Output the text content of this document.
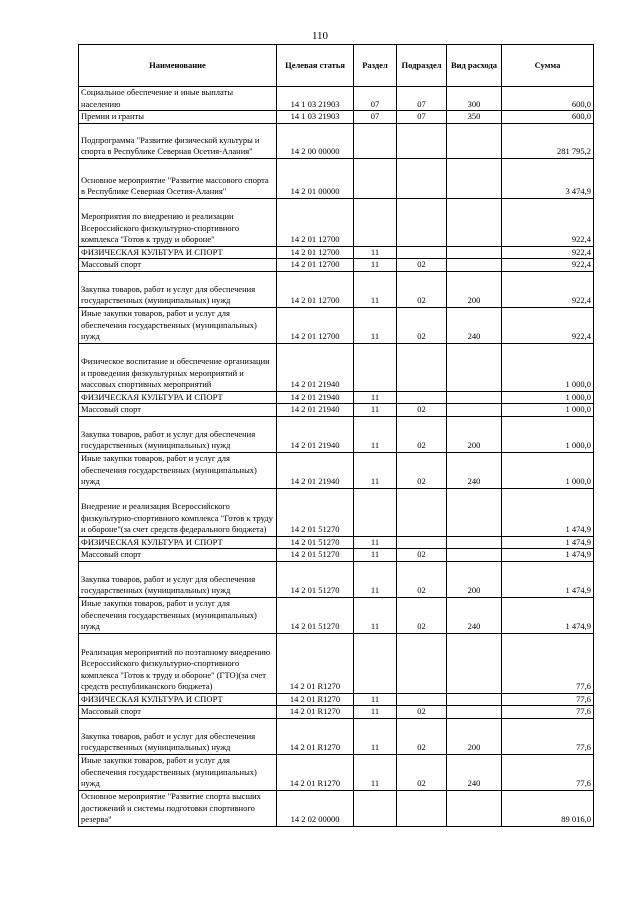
110
Наименование	Целевая статья	Раздел	Подраздел	Вид расхода	Сумма
Социальное обеспечение и иные выплаты населению	14 1 03 21903	07	07	300	600,0
Премии и гранты	14 1 03 21903	07	07	350	600,0
Подпрограмма "Развитие физической культуры и спорта в Республике Северная Осетия-Алания"	14 2 00 00000				281 795,2
Основное мероприятие "Развитие массового спорта в Республике Северная Осетия-Алания"	14 2 01 00000				3 474,9
Мероприятия по внедрению и реализации Всероссийского физкультурно-спортивного комплекса "Готов к труду и обороне"	14 2 01 12700				922,4
ФИЗИЧЕСКАЯ КУЛЬТУРА И СПОРТ	14 2 01 12700	11			922,4
Массовый спорт	14 2 01 12700	11	02		922,4
Закупка товаров, работ и услуг для обеспечения государственных (муниципальных) нужд	14 2 01 12700	11	02	200	922,4
Иные закупки товаров, работ и услуг для обеспечения государственных (муниципальных) нужд	14 2 01 12700	11	02	240	922,4
Физическое воспитание и обеспечение организации и проведения физкультурных мероприятий и массовых спортивных мероприятий	14 2 01 21940				1 000,0
ФИЗИЧЕСКАЯ КУЛЬТУРА И СПОРТ	14 2 01 21940	11			1 000,0
Массовый спорт	14 2 01 21940	11	02		1 000,0
Закупка товаров, работ и услуг для обеспечения государственных (муниципальных) нужд	14 2 01 21940	11	02	200	1 000,0
Иные закупки товаров, работ и услуг для обеспечения государственных (муниципальных) нужд	14 2 01 21940	11	02	240	1 000,0
Внедрение и реализация Всероссийского физкультурно-спортивного комплекса "Готов к труду и обороне"(за счет средств федерального бюджета)	14 2 01 51270				1 474,9
ФИЗИЧЕСКАЯ КУЛЬТУРА И СПОРТ	14 2 01 51270	11			1 474,9
Массовый спорт	14 2 01 51270	11	02		1 474,9
Закупка товаров, работ и услуг для обеспечения государственных (муниципальных) нужд	14 2 01 51270	11	02	200	1 474,9
Иные закупки товаров, работ и услуг для обеспечения государственных (муниципальных) нужд	14 2 01 51270	11	02	240	1 474,9
Реализация мероприятий по поэтапному внедрению Всероссийского физкультурно-спортивного комплекса "Готов к труду и обороне" (ГТО)(за счет средств республиканского бюджета)	14 2 01 R1270				77,6
ФИЗИЧЕСКАЯ КУЛЬТУРА И СПОРТ	14 2 01 R1270	11			77,6
Массовый спорт	14 2 01 R1270	11	02		77,6
Закупка товаров, работ и услуг для обеспечения государственных (муниципальных) нужд	14 2 01 R1270	11	02	200	77,6
Иные закупки товаров, работ и услуг для обеспечения государственных (муниципальных) нужд	14 2 01 R1270	11	02	240	77,6
Основное мероприятие "Развитие спорта высших достижений и системы подготовки спортивного резерва"	14 2 02 00000				89 016,0
